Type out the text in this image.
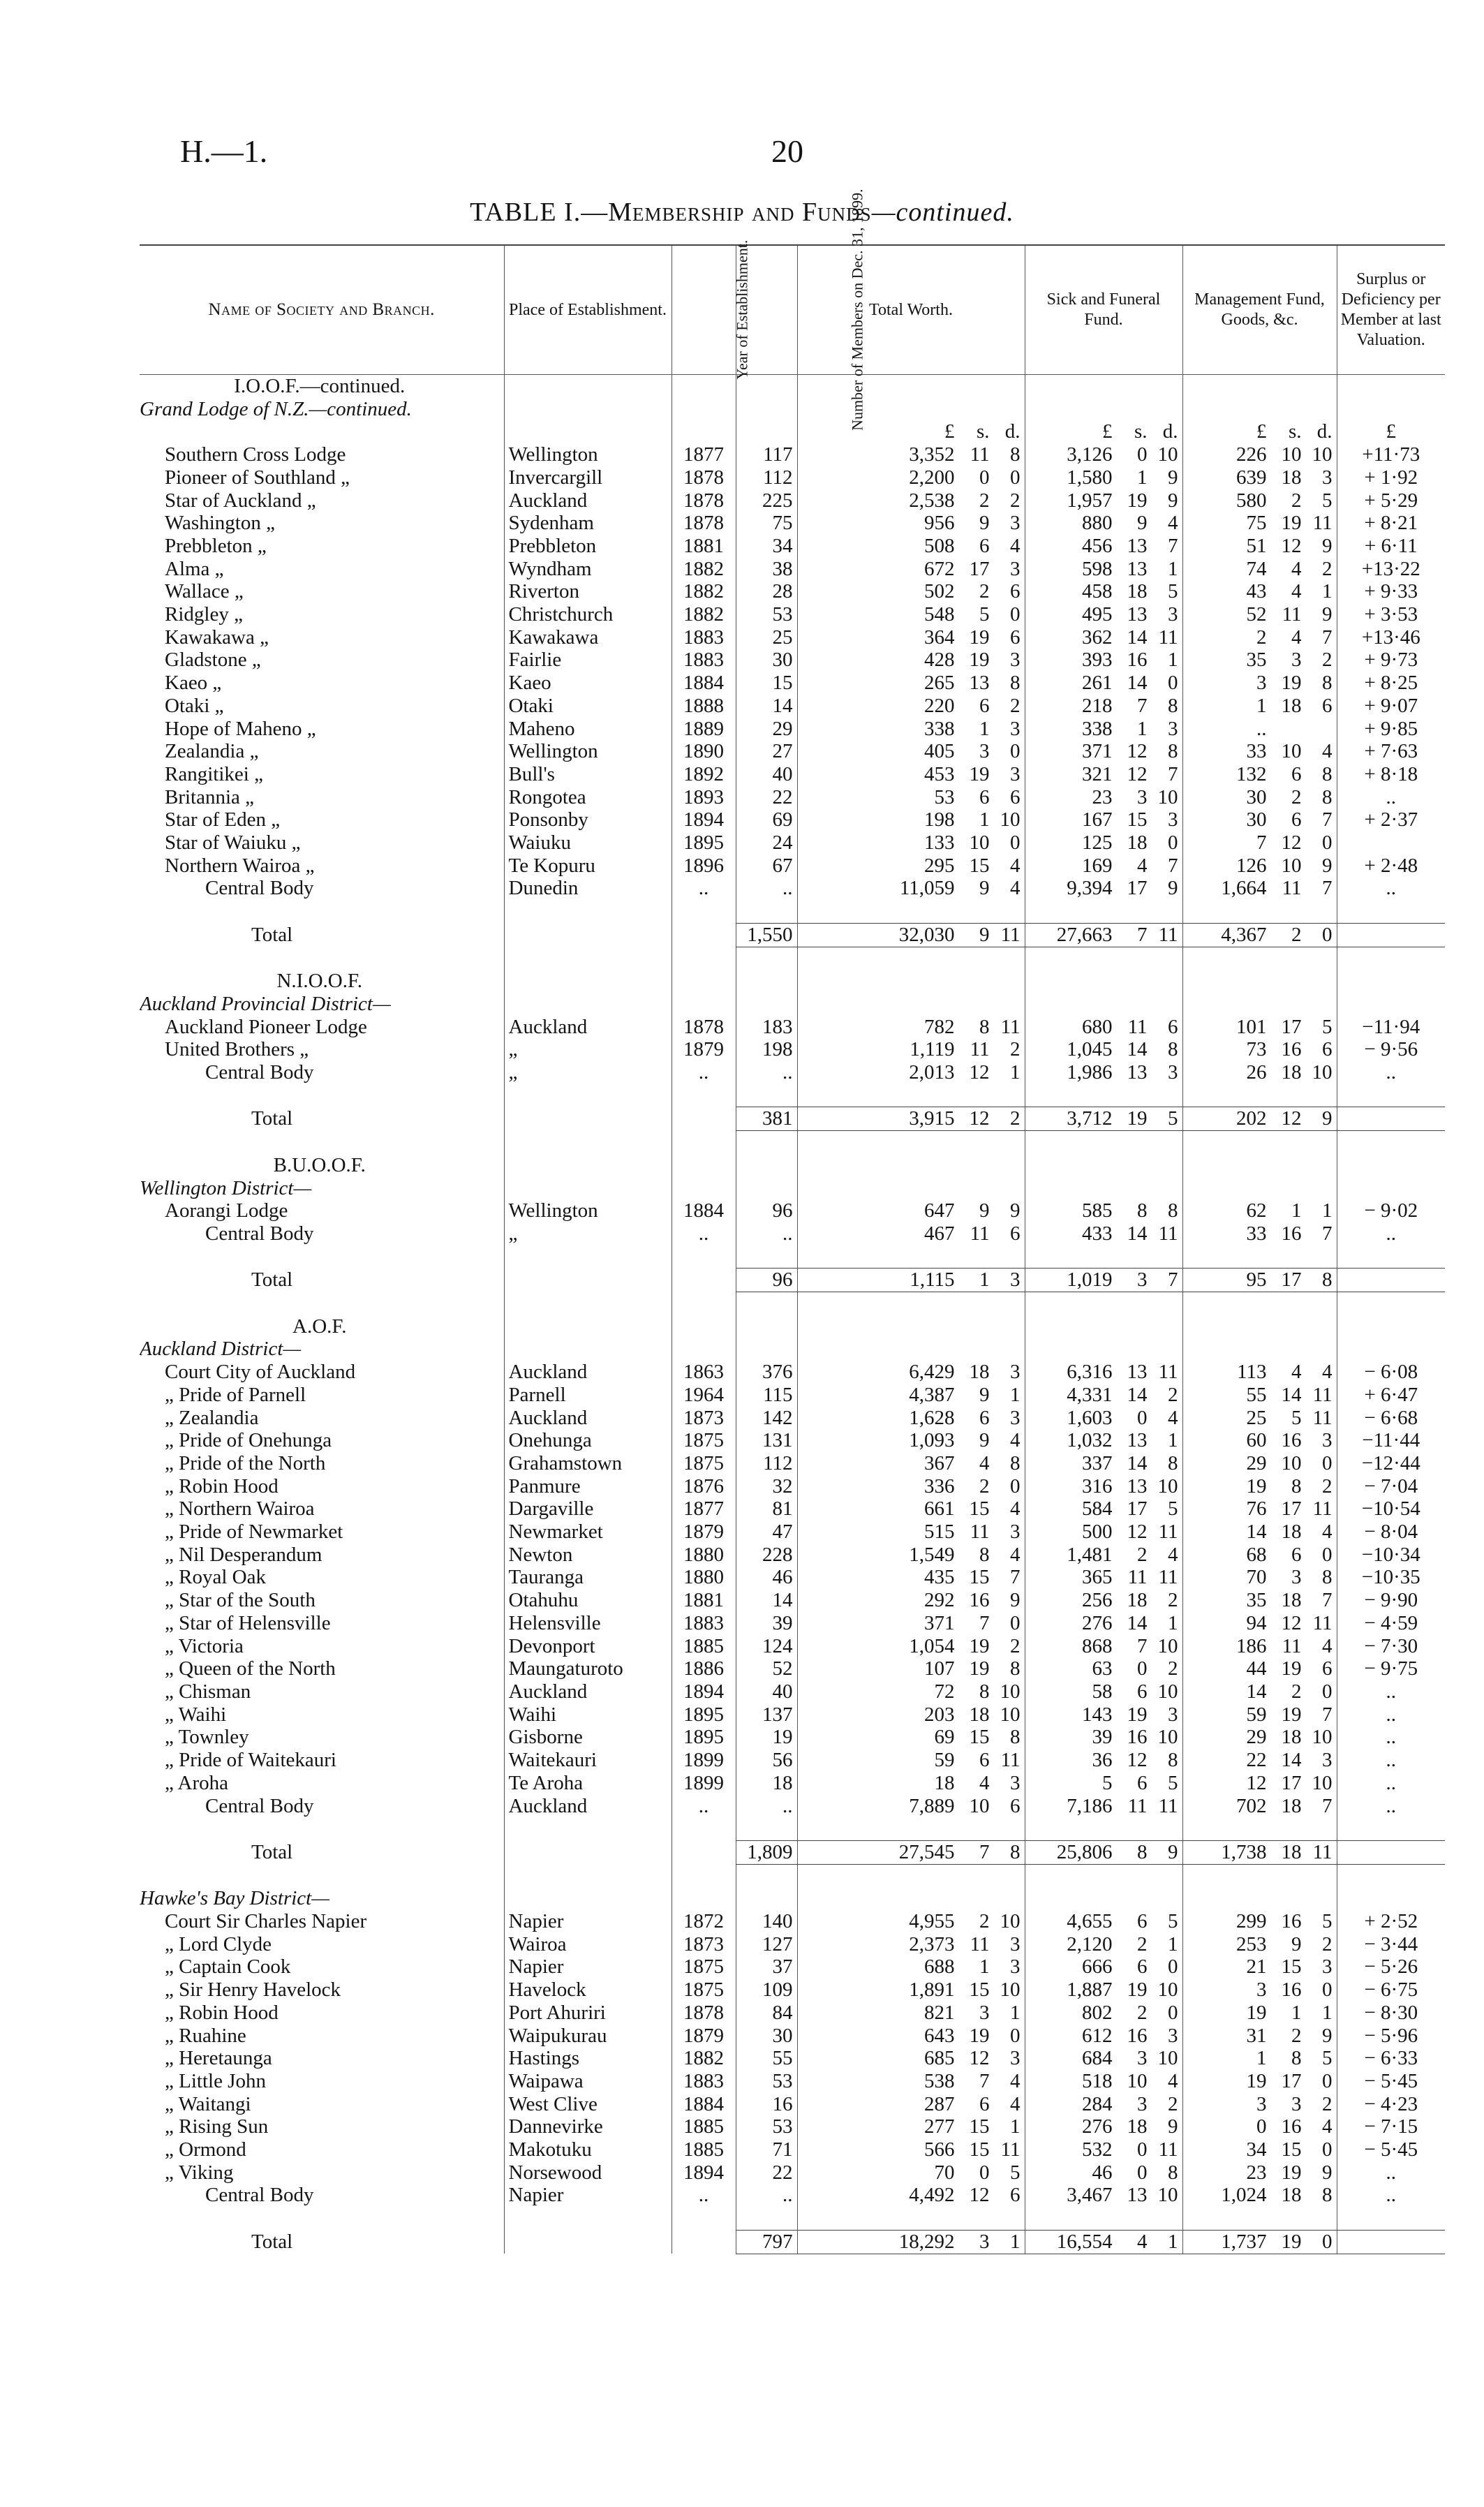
H.—1.	20
TABLE I.—Membership and Funds—continued.
Name of Society and Branch.	Place of Establishment.	Year of Establishment.	Number of Members on Dec. 31, 1899.	Total Worth.	Sick and Funeral Fund.	Management Fund, Goods, &c.	Surplus or Deficiency per Member at last Valuation.
I.O.O.F.—continued.							
Grand Lodge of N.Z.—continued.							

				£ s. d.	£ s. d.	£ s. d.	£
Southern Cross Lodge	Wellington	1877	117	3,352 11 8	3,126 0 10	226 10 10	+11·73
Pioneer of Southland „	Invercargill	1878	112	2,200 0 0	1,580 1 9	639 18 3	+ 1·92
Star of Auckland „	Auckland	1878	225	2,538 2 2	1,957 19 9	580 2 5	+ 5·29
Washington „	Sydenham	1878	75	956 9 3	880 9 4	75 19 11	+ 8·21
Prebbleton „	Prebbleton	1881	34	508 6 4	456 13 7	51 12 9	+ 6·11
Alma „	Wyndham	1882	38	672 17 3	598 13 1	74 4 2	+13·22
Wallace „	Riverton	1882	28	502 2 6	458 18 5	43 4 1	+ 9·33
Ridgley „	Christchurch	1882	53	548 5 0	495 13 3	52 11 9	+ 3·53
Kawakawa „	Kawakawa	1883	25	364 19 6	362 14 11	2 4 7	+13·46
Gladstone „	Fairlie	1883	30	428 19 3	393 16 1	35 3 2	+ 9·73
Kaeo „	Kaeo	1884	15	265 13 8	261 14 0	3 19 8	+ 8·25
Otaki „	Otaki	1888	14	220 6 2	218 7 8	1 18 6	+ 9·07
Hope of Maheno „	Maheno	1889	29	338 1 3	338 1 3	..	+ 9·85
Zealandia „	Wellington	1890	27	405 3 0	371 12 8	33 10 4	+ 7·63
Rangitikei „	Bull's	1892	40	453 19 3	321 12 7	132 6 8	+ 8·18
Britannia „	Rongotea	1893	22	53 6 6	23 3 10	30 2 8	..
Star of Eden „	Ponsonby	1894	69	198 1 10	167 15 3	30 6 7	+ 2·37
Star of Waiuku „	Waiuku	1895	24	133 10 0	125 18 0	7 12 0	

Northern Wairoa „	Te Kopuru	1896	67	295 15 4	169 4 7	126 10 9	+ 2·48
Central Body	Dunedin	..	..	11,059 9 4	9,394 17 9	1,664 11 7	..

Total			1,550	32,030 9 11	27,663 7 11	4,367 2 0	

N.I.O.O.F.							
Auckland Provincial District—							
Auckland Pioneer Lodge	Auckland	1878	183	782 8 11	680 11 6	101 17 5	−11·94
United Brothers „	„	1879	198	1,119 11 2	1,045 14 8	73 16 6	− 9·56
Central Body	„	..	..	2,013 12 1	1,986 13 3	26 18 10	..

Total			381	3,915 12 2	3,712 19 5	202 12 9	

B.U.O.O.F.							
Wellington District—							
Aorangi Lodge	Wellington	1884	96	647 9 9	585 8 8	62 1 1	− 9·02
Central Body	„	..	..	467 11 6	433 14 11	33 16 7	..

Total			96	1,115 1 3	1,019 3 7	95 17 8	

A.O.F.							
Auckland District—							
Court City of Auckland	Auckland	1863	376	6,429 18 3	6,316 13 11	113 4 4	− 6·08
„ Pride of Parnell	Parnell	1964	115	4,387 9 1	4,331 14 2	55 14 11	+ 6·47
„ Zealandia	Auckland	1873	142	1,628 6 3	1,603 0 4	25 5 11	− 6·68
„ Pride of Onehunga	Onehunga	1875	131	1,093 9 4	1,032 13 1	60 16 3	−11·44
„ Pride of the North	Grahamstown	1875	112	367 4 8	337 14 8	29 10 0	−12·44
„ Robin Hood	Panmure	1876	32	336 2 0	316 13 10	19 8 2	− 7·04
„ Northern Wairoa	Dargaville	1877	81	661 15 4	584 17 5	76 17 11	−10·54
„ Pride of Newmarket	Newmarket	1879	47	515 11 3	500 12 11	14 18 4	− 8·04
„ Nil Desperandum	Newton	1880	228	1,549 8 4	1,481 2 4	68 6 0	−10·34
„ Royal Oak	Tauranga	1880	46	435 15 7	365 11 11	70 3 8	−10·35
„ Star of the South	Otahuhu	1881	14	292 16 9	256 18 2	35 18 7	− 9·90
„ Star of Helensville	Helensville	1883	39	371 7 0	276 14 1	94 12 11	− 4·59
„ Victoria	Devonport	1885	124	1,054 19 2	868 7 10	186 11 4	− 7·30
„ Queen of the North	Maungaturoto	1886	52	107 19 8	63 0 2	44 19 6	− 9·75
„ Chisman	Auckland	1894	40	72 8 10	58 6 10	14 2 0	..
„ Waihi	Waihi	1895	137	203 18 10	143 19 3	59 19 7	..
„ Townley	Gisborne	1895	19	69 15 8	39 16 10	29 18 10	..
„ Pride of Waitekauri	Waitekauri	1899	56	59 6 11	36 12 8	22 14 3	..
„ Aroha	Te Aroha	1899	18	18 4 3	5 6 5	12 17 10	..
Central Body	Auckland	..	..	7,889 10 6	7,186 11 11	702 18 7	..

Total			1,809	27,545 7 8	25,806 8 9	1,738 18 11	

Hawke's Bay District—							
Court Sir Charles Napier	Napier	1872	140	4,955 2 10	4,655 6 5	299 16 5	+ 2·52
„ Lord Clyde	Wairoa	1873	127	2,373 11 3	2,120 2 1	253 9 2	− 3·44
„ Captain Cook	Napier	1875	37	688 1 3	666 6 0	21 15 3	− 5·26
„ Sir Henry Havelock	Havelock	1875	109	1,891 15 10	1,887 19 10	3 16 0	− 6·75
„ Robin Hood	Port Ahuriri	1878	84	821 3 1	802 2 0	19 1 1	− 8·30
„ Ruahine	Waipukurau	1879	30	643 19 0	612 16 3	31 2 9	− 5·96
„ Heretaunga	Hastings	1882	55	685 12 3	684 3 10	1 8 5	− 6·33
„ Little John	Waipawa	1883	53	538 7 4	518 10 4	19 17 0	− 5·45
„ Waitangi	West Clive	1884	16	287 6 4	284 3 2	3 3 2	− 4·23
„ Rising Sun	Dannevirke	1885	53	277 15 1	276 18 9	0 16 4	− 7·15
„ Ormond	Makotuku	1885	71	566 15 11	532 0 11	34 15 0	− 5·45
„ Viking	Norsewood	1894	22	70 0 5	46 0 8	23 19 9	..
Central Body	Napier	..	..	4,492 12 6	3,467 13 10	1,024 18 8	..

Total			797	18,292 3 1	16,554 4 1	1,737 19 0	
